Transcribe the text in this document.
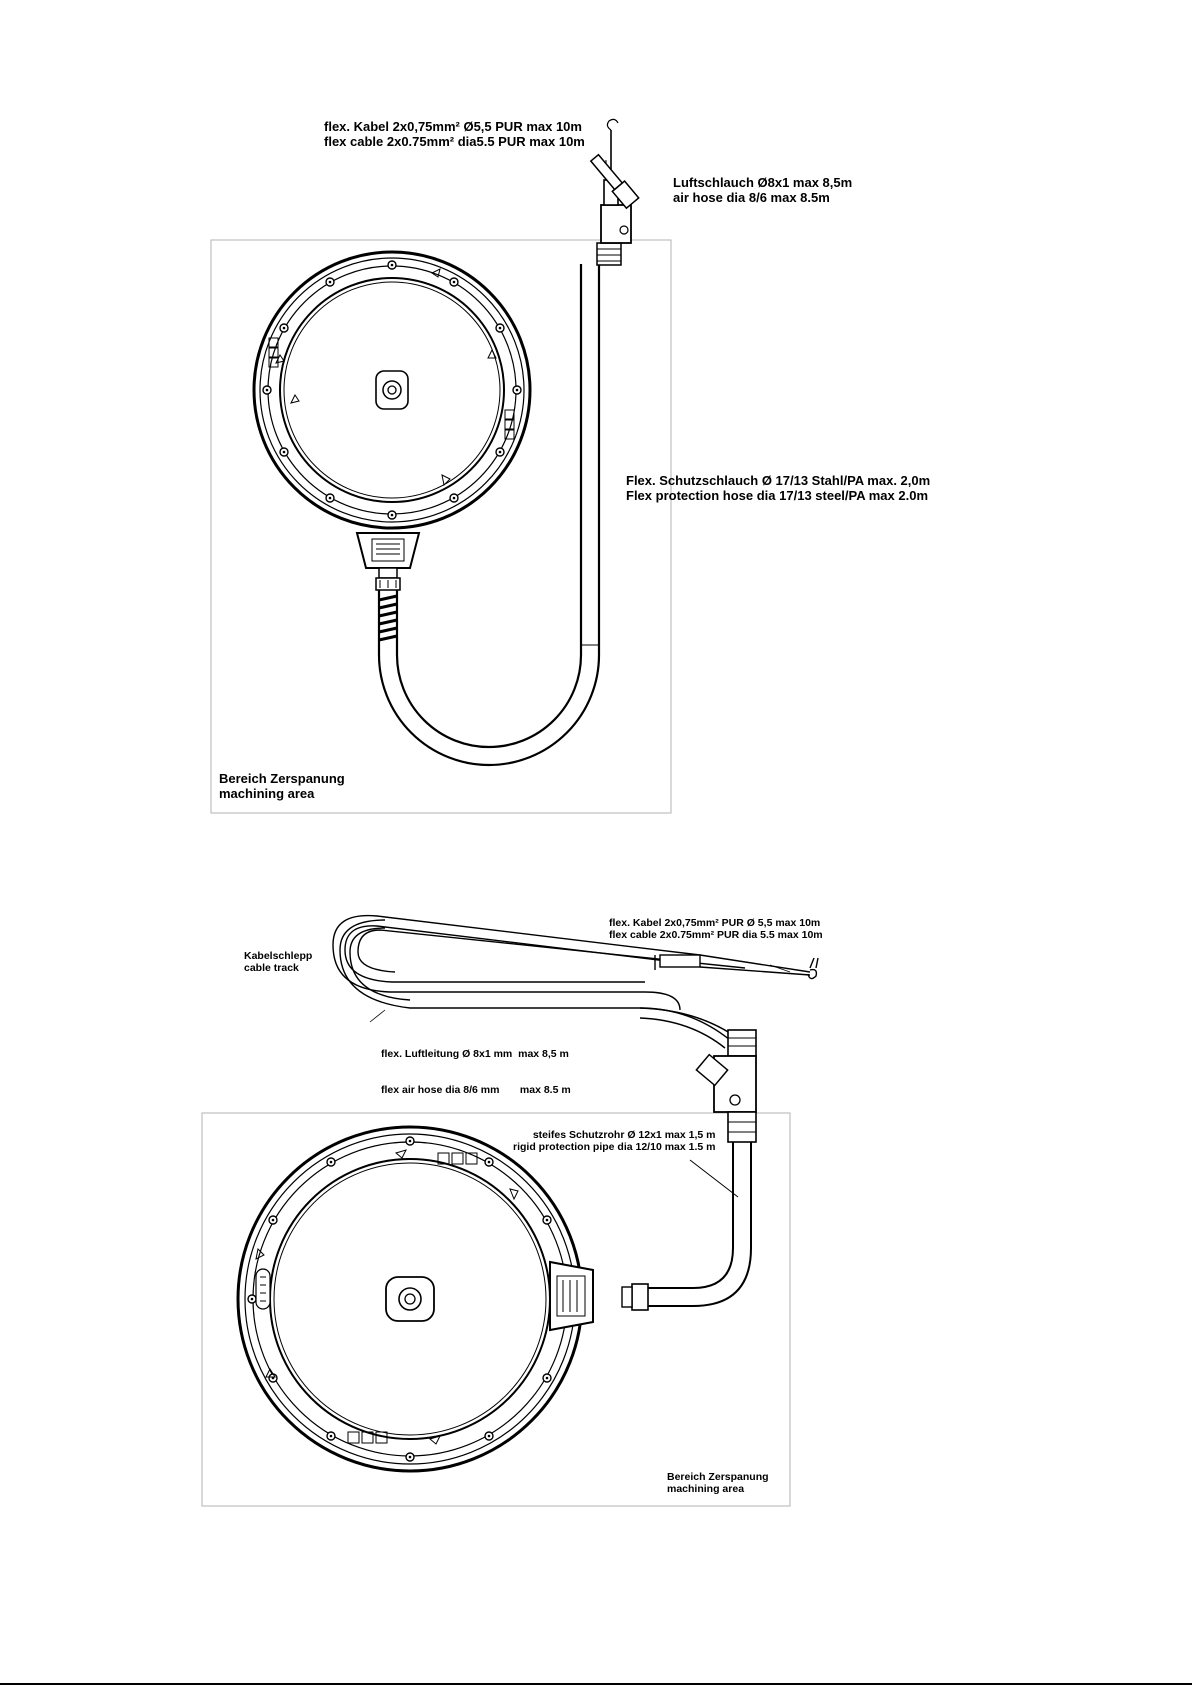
flex. Kabel 2x0,75mm² Ø5,5 PUR max 10m
flex cable 2x0.75mm² dia5.5 PUR max 10m
Luftschlauch Ø8x1 max 8,5m
air hose dia 8/6 max 8.5m
Flex. Schutzschlauch Ø 17/13 Stahl/PA max. 2,0m
Flex protection hose dia 17/13 steel/PA max 2.0m
Bereich Zerspanung
machining area
flex. Kabel 2x0,75mm² PUR Ø 5,5 max 10m
flex cable 2x0.75mm² PUR dia 5.5 max 10m
Kabelschlepp
cable track

flex. Luftleitung Ø 8x1 mm  max 8,5 m

flex air hose dia 8/6 mm       max 8.5 m

steifes Schutzrohr Ø 12x1 max 1,5 m
rigid protection pipe dia 12/10 max 1.5 m
Bereich Zerspanung
machining area
